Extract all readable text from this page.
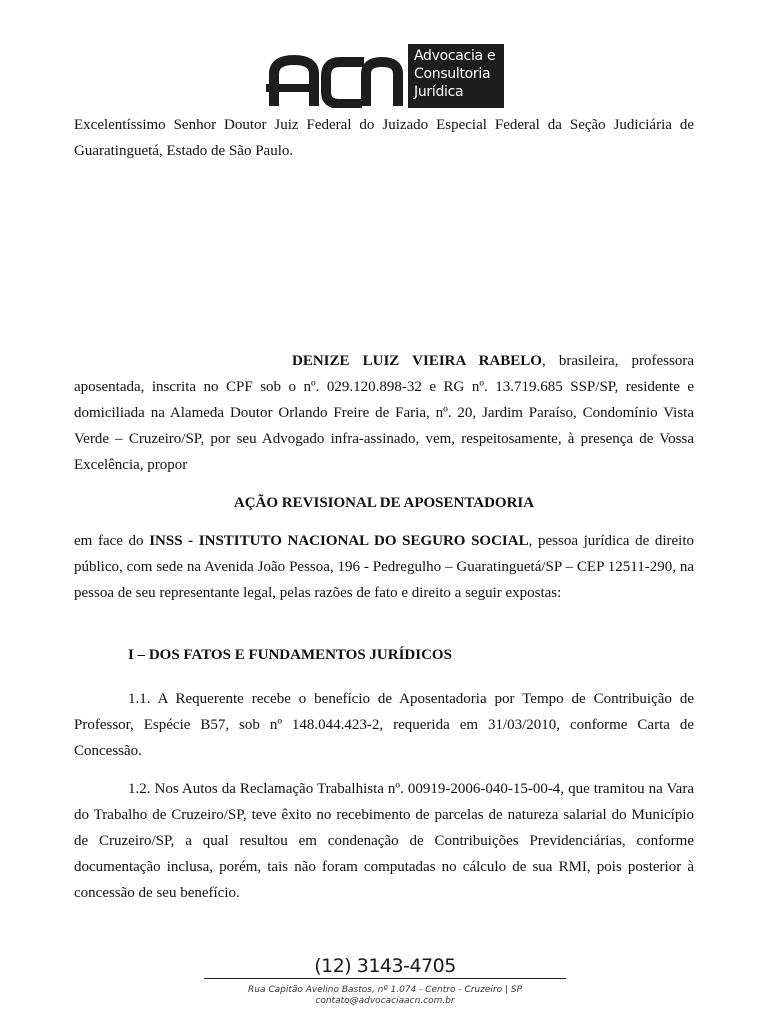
Advocacia e
Consultoria
Jurídica
Excelentíssimo Senhor Doutor Juiz Federal do Juizado Especial Federal da Seção Judiciária de Guaratinguetá, Estado de São Paulo.
DENIZE LUIZ VIEIRA RABELO, brasileira, professora aposentada, inscrita no CPF sob o nº. 029.120.898-32 e RG nº. 13.719.685 SSP/SP, residente e domiciliada na Alameda Doutor Orlando Freire de Faria, nº. 20, Jardim Paraíso, Condomínio Vista Verde – Cruzeiro/SP, por seu Advogado infra-assinado, vem, respeitosamente, à presença de Vossa Excelência, propor
AÇÃO REVISIONAL DE APOSENTADORIA
em face do INSS - INSTITUTO NACIONAL DO SEGURO SOCIAL, pessoa jurídica de direito público, com sede na Avenida João Pessoa, 196 - Pedregulho – Guaratinguetá/SP – CEP 12511-290, na pessoa de seu representante legal, pelas razões de fato e direito a seguir expostas:
I – DOS FATOS E FUNDAMENTOS JURÍDICOS
1.1. A Requerente recebe o benefício de Aposentadoria por Tempo de Contribuição de Professor, Espécie B57, sob nº 148.044.423-2, requerida em 31/03/2010, conforme Carta de Concessão.
1.2. Nos Autos da Reclamação Trabalhista nº. 00919-2006-040-15-00-4, que tramitou na Vara do Trabalho de Cruzeiro/SP, teve êxito no recebimento de parcelas de natureza salarial do Município de Cruzeiro/SP, a qual resultou em condenação de Contribuições Previdenciárias, conforme documentação inclusa, porém, tais não foram computadas no cálculo de sua RMI, pois posterior à concessão de seu benefício.
(12) 3143-4705
Rua Capitão Avelino Bastos, nº 1.074 - Centro - Cruzeiro | SP
contato@advocaciaacn.com.br
